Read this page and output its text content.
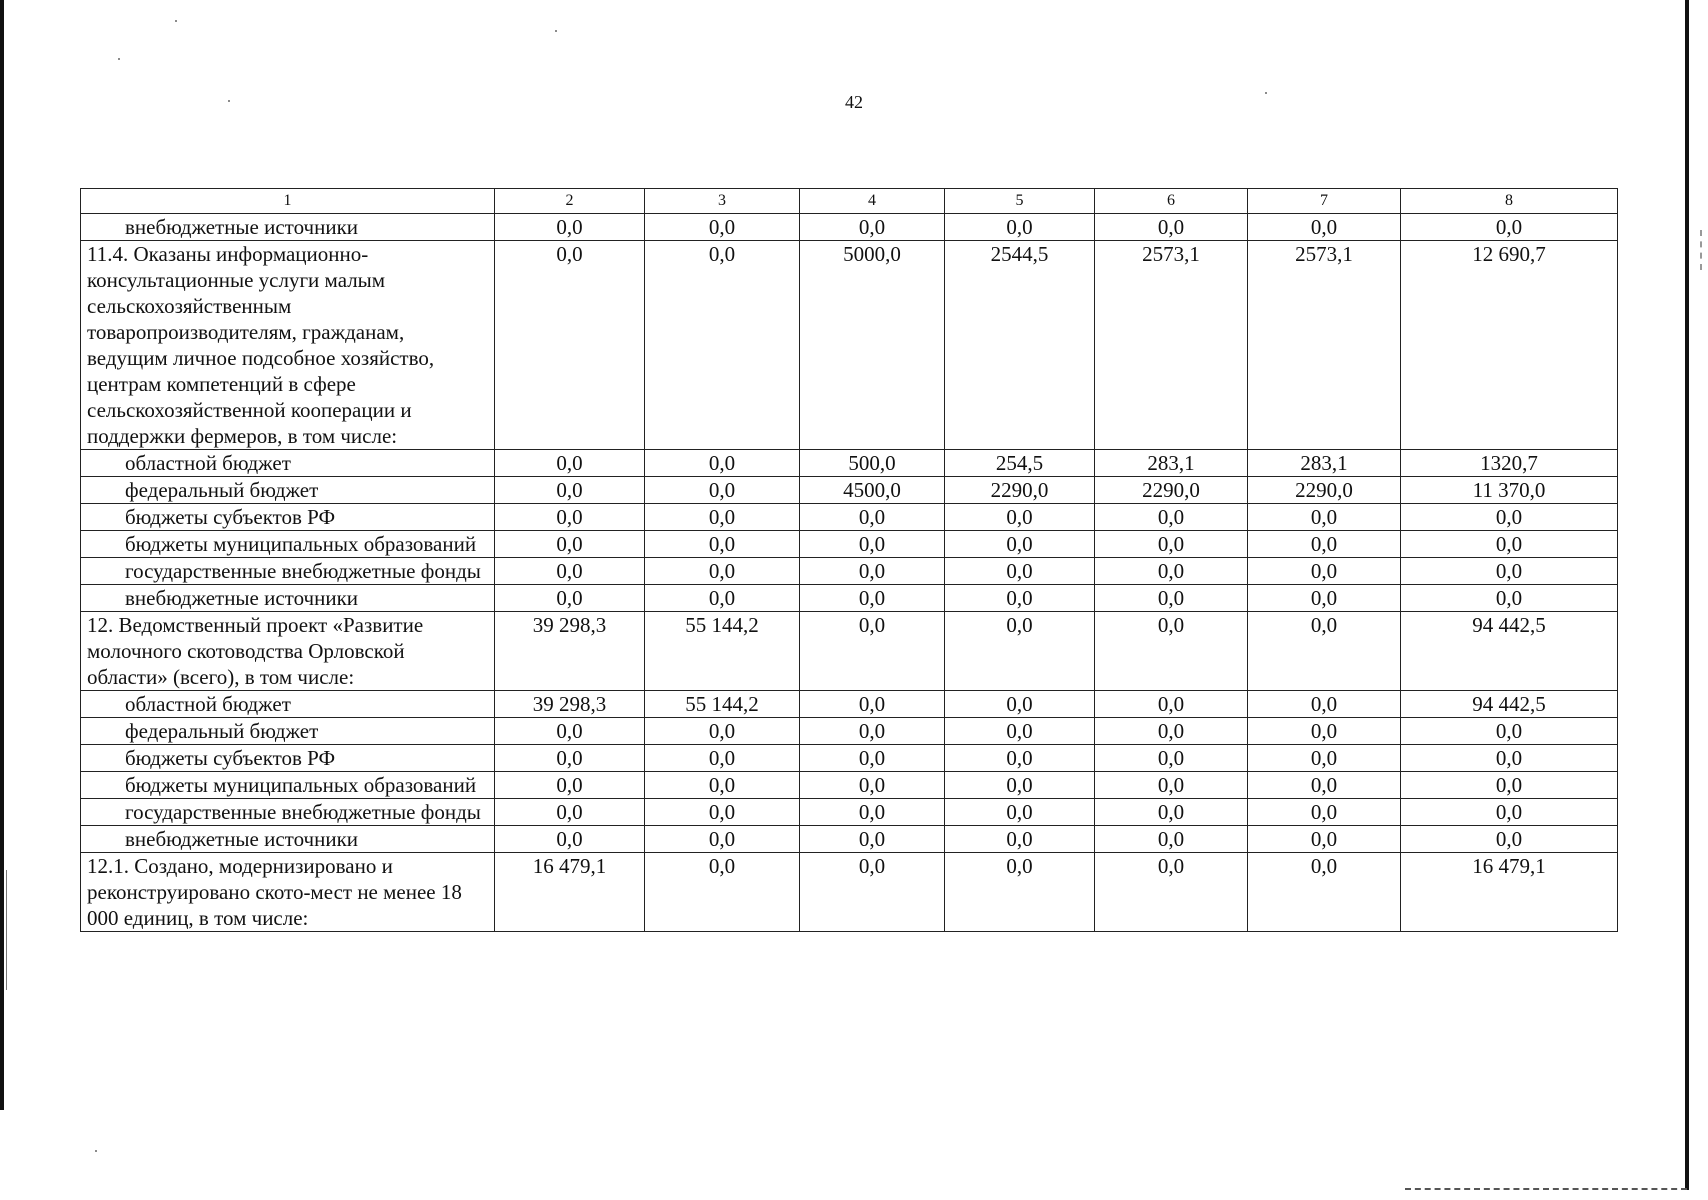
42
1	2	3	4	5	6	7	8
внебюджетные источники	0,0	0,0	0,0	0,0	0,0	0,0	0,0
11.4. Оказаны информационно-консультационные услуги малым сельскохозяйственным товаропроизводителям, гражданам, ведущим личное подсобное хозяйство, центрам компетенций в сфере сельскохозяйственной кооперации и поддержки фермеров, в том числе:	0,0	0,0	5000,0	2544,5	2573,1	2573,1	12 690,7
областной бюджет	0,0	0,0	500,0	254,5	283,1	283,1	1320,7
федеральный бюджет	0,0	0,0	4500,0	2290,0	2290,0	2290,0	11 370,0
бюджеты субъектов РФ	0,0	0,0	0,0	0,0	0,0	0,0	0,0
бюджеты муниципальных образований	0,0	0,0	0,0	0,0	0,0	0,0	0,0
государственные внебюджетные фонды	0,0	0,0	0,0	0,0	0,0	0,0	0,0
внебюджетные источники	0,0	0,0	0,0	0,0	0,0	0,0	0,0
12. Ведомственный проект «Развитие молочного скотоводства Орловской области» (всего), в том числе:	39 298,3	55 144,2	0,0	0,0	0,0	0,0	94 442,5
областной бюджет	39 298,3	55 144,2	0,0	0,0	0,0	0,0	94 442,5
федеральный бюджет	0,0	0,0	0,0	0,0	0,0	0,0	0,0
бюджеты субъектов РФ	0,0	0,0	0,0	0,0	0,0	0,0	0,0
бюджеты муниципальных образований	0,0	0,0	0,0	0,0	0,0	0,0	0,0
государственные внебюджетные фонды	0,0	0,0	0,0	0,0	0,0	0,0	0,0
внебюджетные источники	0,0	0,0	0,0	0,0	0,0	0,0	0,0
12.1. Создано, модернизировано и реконструировано ското-мест не менее 18 000 единиц, в том числе:	16 479,1	0,0	0,0	0,0	0,0	0,0	16 479,1
